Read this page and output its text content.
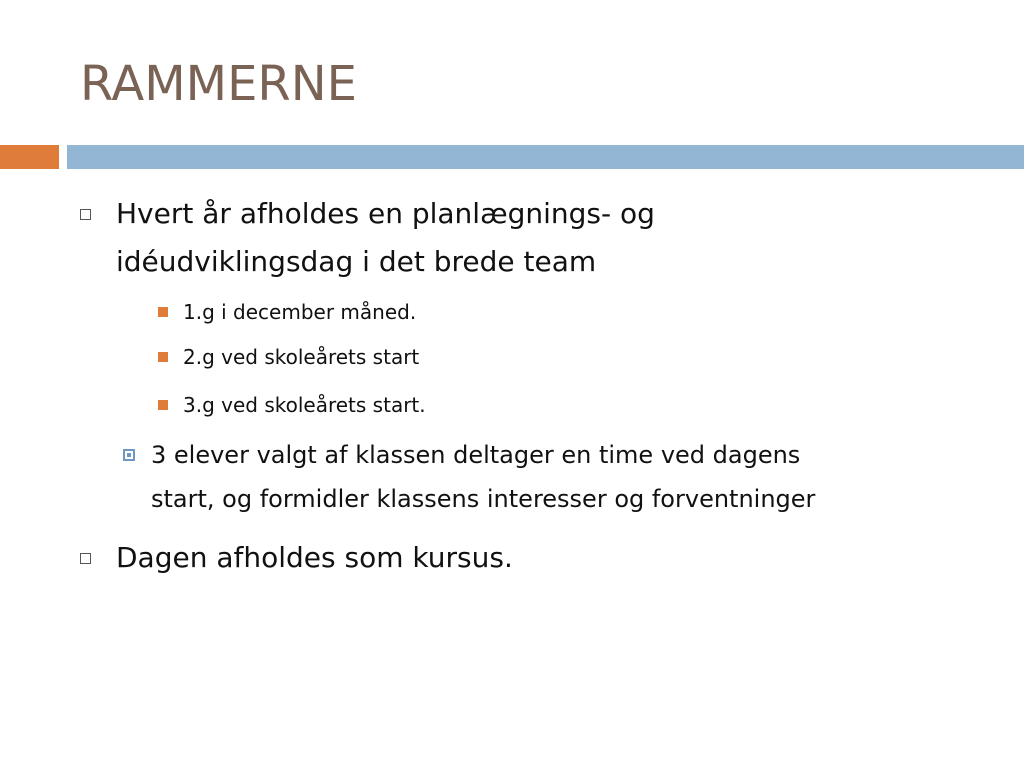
RAMMERNE

Hvert år afholdes en planlægnings- og

idéudviklingsdag i det brede team

1.g i december måned.

2.g ved skoleårets start

3.g ved skoleårets start.

3 elever valgt af klassen deltager en time ved dagens

start, og formidler klassens interesser og forventninger

Dagen afholdes som kursus.
